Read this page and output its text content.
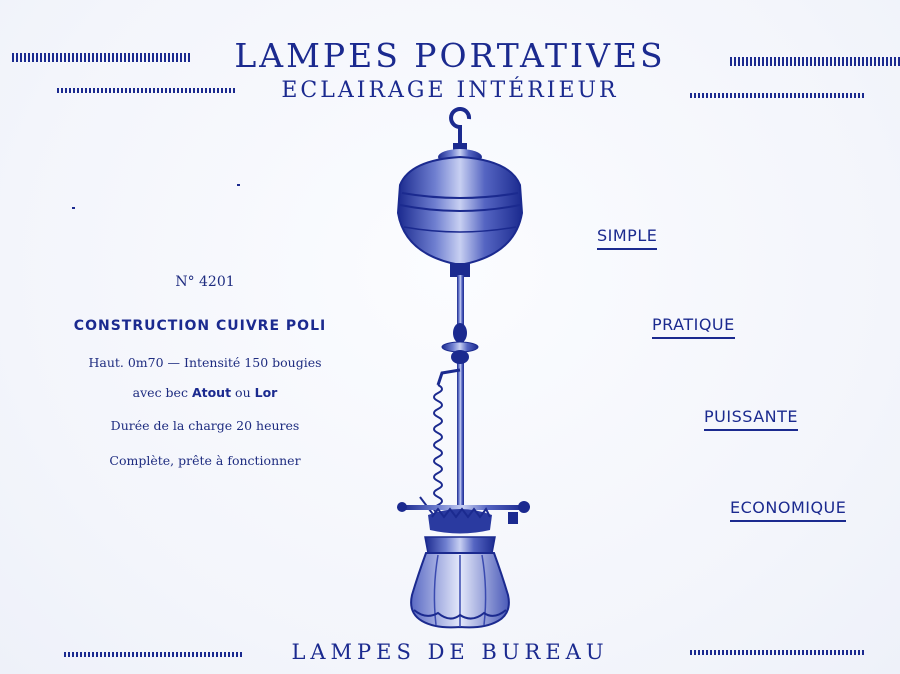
LAMPES PORTATIVES
ECLAIRAGE INTÉRIEUR
N° 4201
CONSTRUCTION CUIVRE POLI
Haut. 0m70 — Intensité 150 bougies
avec bec Atout ou Lor
Durée de la charge 20 heures
Complète, prête à fonctionner
SIMPLE
PRATIQUE
PUISSANTE
ECONOMIQUE
LAMPES DE BUREAU
